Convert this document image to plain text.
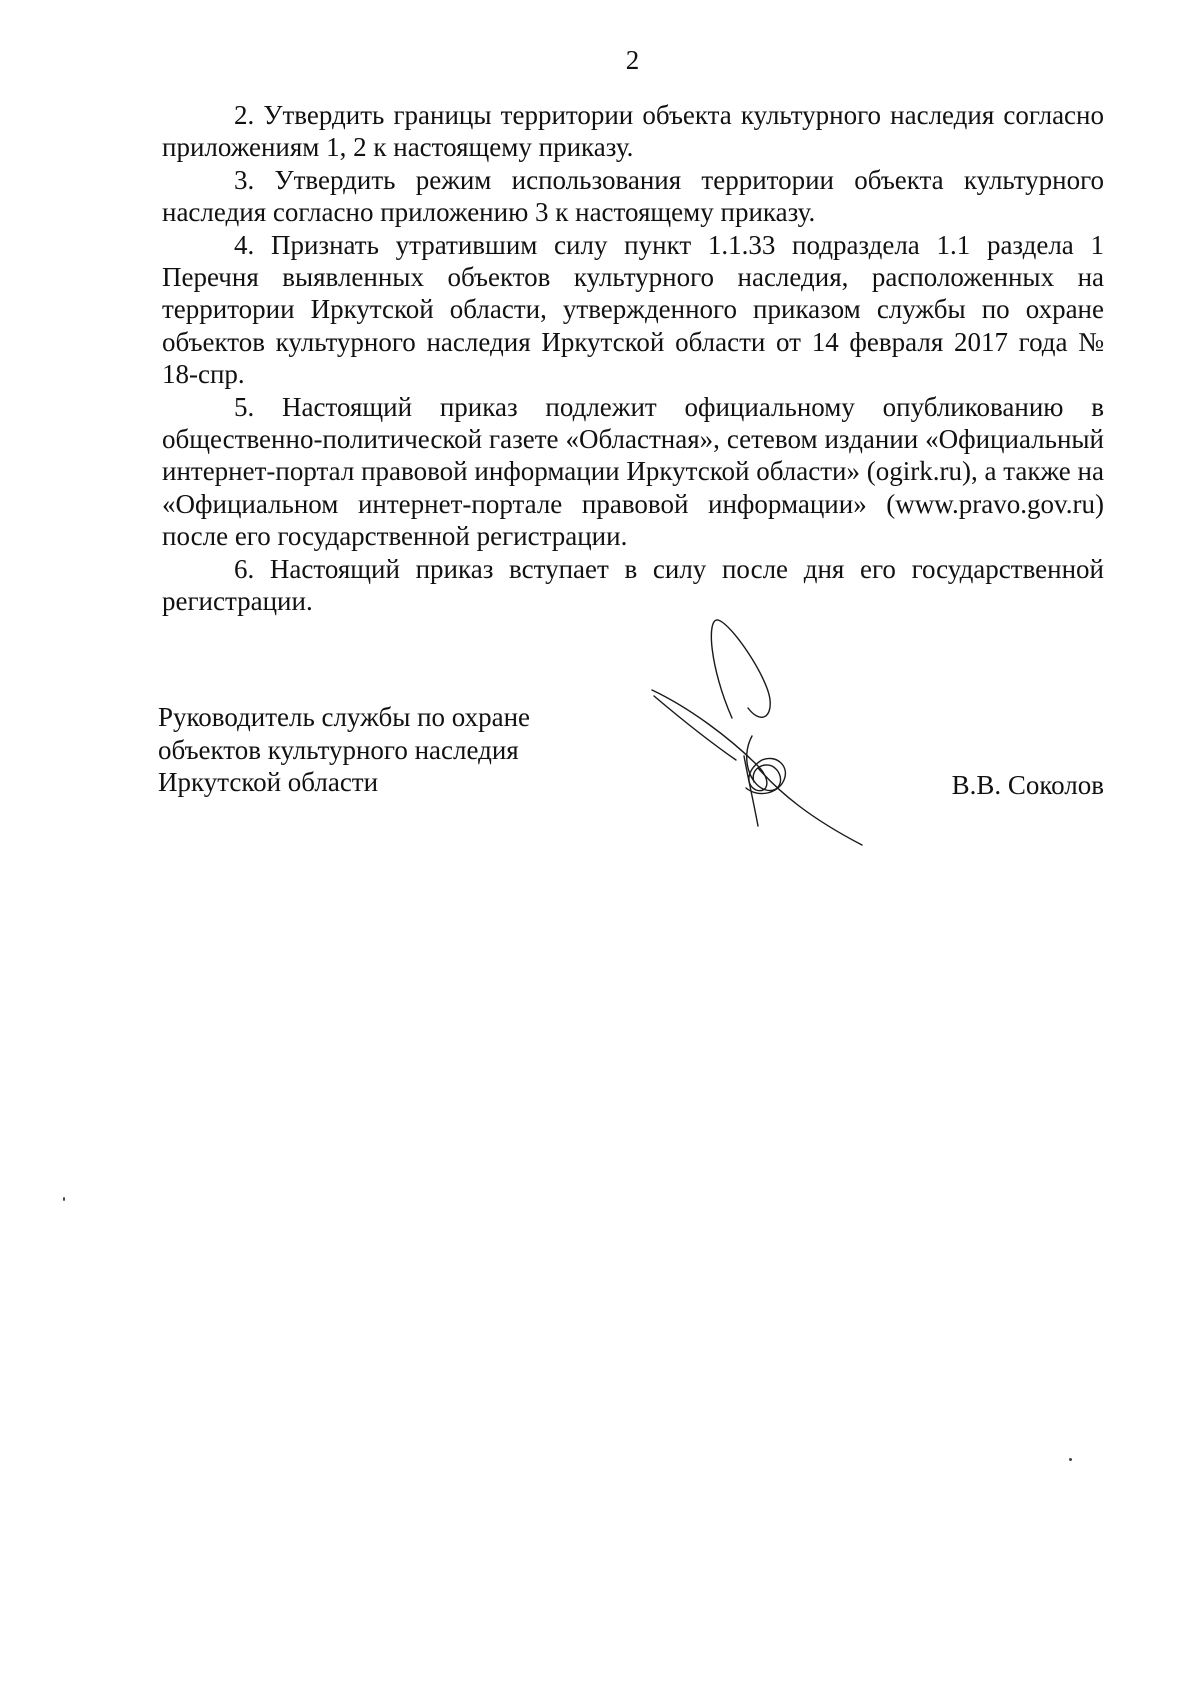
2

2. Утвердить границы территории объекта культурного наследия согласно приложениям 1, 2 к настоящему приказу.

3. Утвердить режим использования территории объекта культурного наследия согласно приложению 3 к настоящему приказу.

4. Признать утратившим силу пункт 1.1.33 подраздела 1.1 раздела 1 Перечня выявленных объектов культурного наследия, расположенных на территории Иркутской области, утвержденного приказом службы по охране объектов культурного наследия Иркутской области от 14 февраля 2017 года № 18-спр.

5. Настоящий приказ подлежит официальному опубликованию в общественно-политической газете «Областная», сетевом издании «Официальный интернет-портал правовой информации Иркутской области» (ogirk.ru), а также на «Официальном интернет-портале правовой информации» (www.pravo.gov.ru) после его государственной регистрации.

6. Настоящий приказ вступает в силу после дня его государственной регистрации.

Руководитель службы по охране
объектов культурного наследия
Иркутской области	В.В. Соколов
